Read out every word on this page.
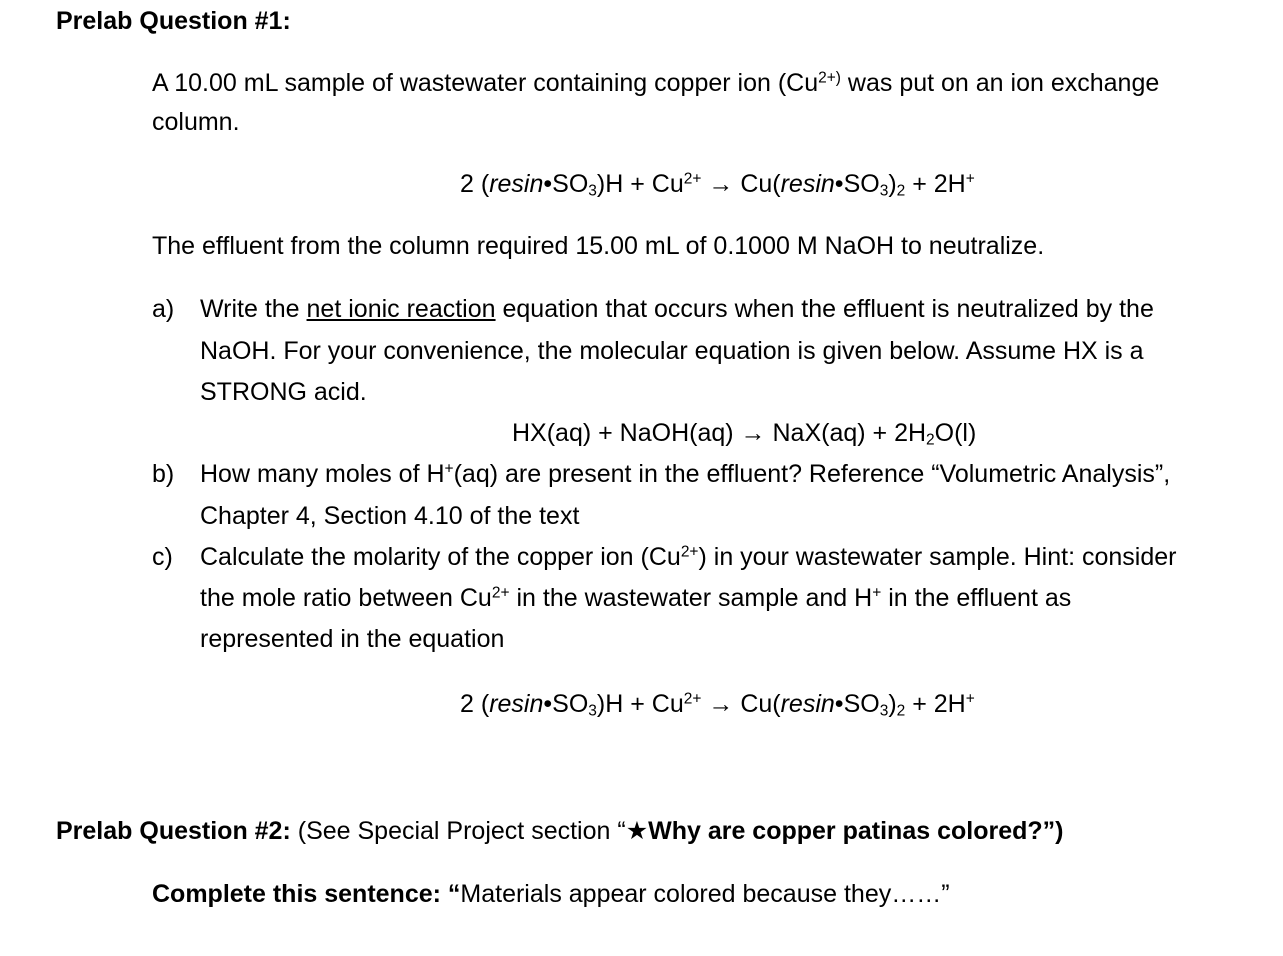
Prelab Question #1:
A 10.00 mL sample of wastewater containing copper ion ($Cu^{2+)}$ was put on an ion exchange
column.
2 $(resin•SO_3)H + Cu^{2+}$ → $Cu(resin•SO_3)_2 + 2H^+$
The effluent from the column required 15.00 mL of 0.1000 M NaOH to neutralize.
a) Write the net ionic reaction equation that occurs when the effluent is neutralized by the
NaOH. For your convenience, the molecular equation is given below. Assume HX is a
STRONG acid.
HX(aq) + NaOH(aq) → $NaX(aq) + 2H_2O(l)$
b) How many moles of H+(aq) are present in the effluent? Reference “Volumetric Analysis”,
Chapter 4, Section 4.10 of the text
c) Calculate the molarity of the copper ion $(Cu^{2+})$ in your wastewater sample. Hint: consider
the mole ratio between $Cu^{2+}$ in the wastewater sample and H+ in the effluent as
represented in the equation
2 $(resin•SO_3)H + Cu^{2+}$ → $Cu(resin•SO_3)_2 + 2H^+$
Prelab Question #2: (See Special Project section “★Why are copper patinas colored?”)
Complete this sentence: “Materials appear colored because they……”
